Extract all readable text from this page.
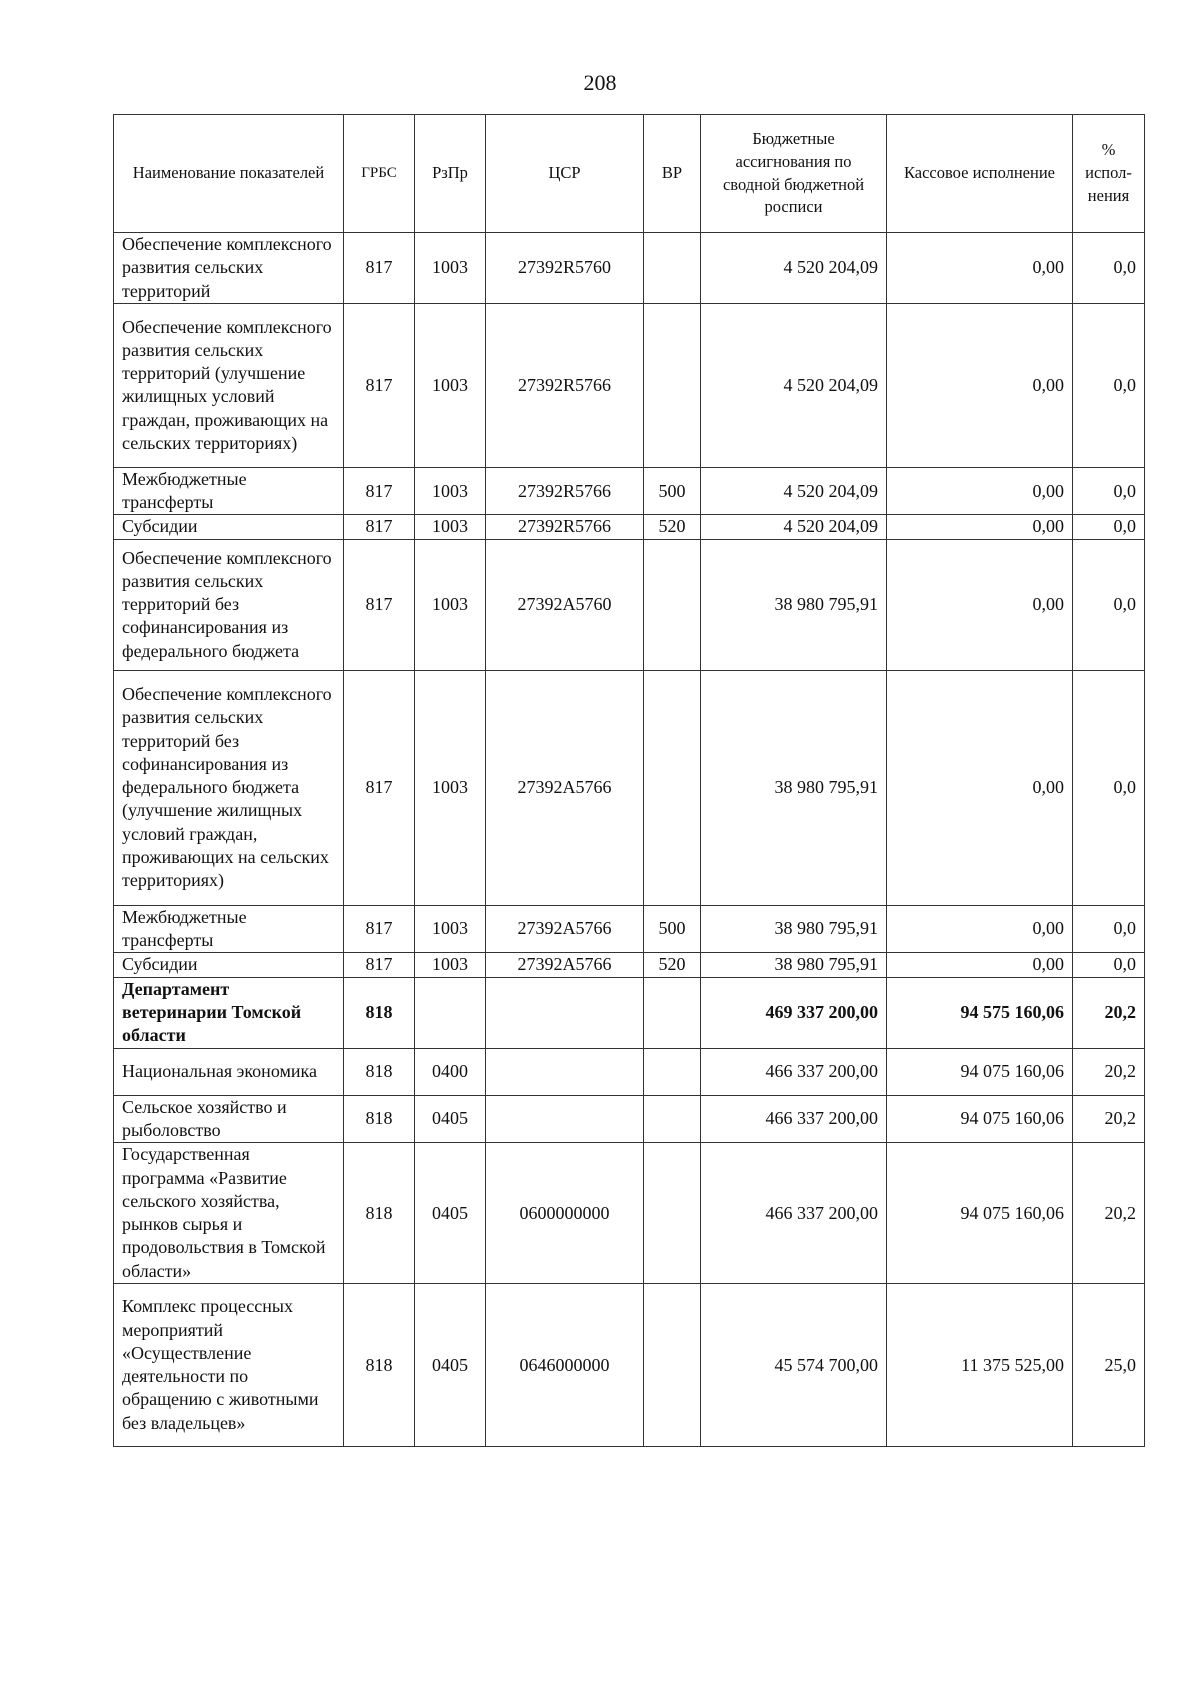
208
Наименование показателей	ГРБС	РзПр	ЦСР	ВР	Бюджетные ассигнования по сводной бюджетной росписи	Кассовое исполнение	% испол-нения
Обеспечение комплексного развития сельских территорий	817	1003	27392R5760		4 520 204,09	0,00	0,0
Обеспечение комплексного развития сельских территорий (улучшение жилищных условий граждан, проживающих на сельских территориях)	817	1003	27392R5766		4 520 204,09	0,00	0,0
Межбюджетные трансферты	817	1003	27392R5766	500	4 520 204,09	0,00	0,0
Субсидии	817	1003	27392R5766	520	4 520 204,09	0,00	0,0
Обеспечение комплексного развития сельских территорий без софинансирования из федерального бюджета	817	1003	27392A5760		38 980 795,91	0,00	0,0
Обеспечение комплексного развития сельских территорий без софинансирования из федерального бюджета (улучшение жилищных условий граждан, проживающих на сельских территориях)	817	1003	27392A5766		38 980 795,91	0,00	0,0
Межбюджетные трансферты	817	1003	27392A5766	500	38 980 795,91	0,00	0,0
Субсидии	817	1003	27392A5766	520	38 980 795,91	0,00	0,0
Департамент ветеринарии Томской области	818				469 337 200,00	94 575 160,06	20,2
Национальная экономика	818	0400			466 337 200,00	94 075 160,06	20,2
Сельское хозяйство и рыболовство	818	0405			466 337 200,00	94 075 160,06	20,2
Государственная программа «Развитие сельского хозяйства, рынков сырья и продовольствия в Томской области»	818	0405	0600000000		466 337 200,00	94 075 160,06	20,2
Комплекс процессных мероприятий «Осуществление деятельности по обращению с животными без владельцев»	818	0405	0646000000		45 574 700,00	11 375 525,00	25,0
